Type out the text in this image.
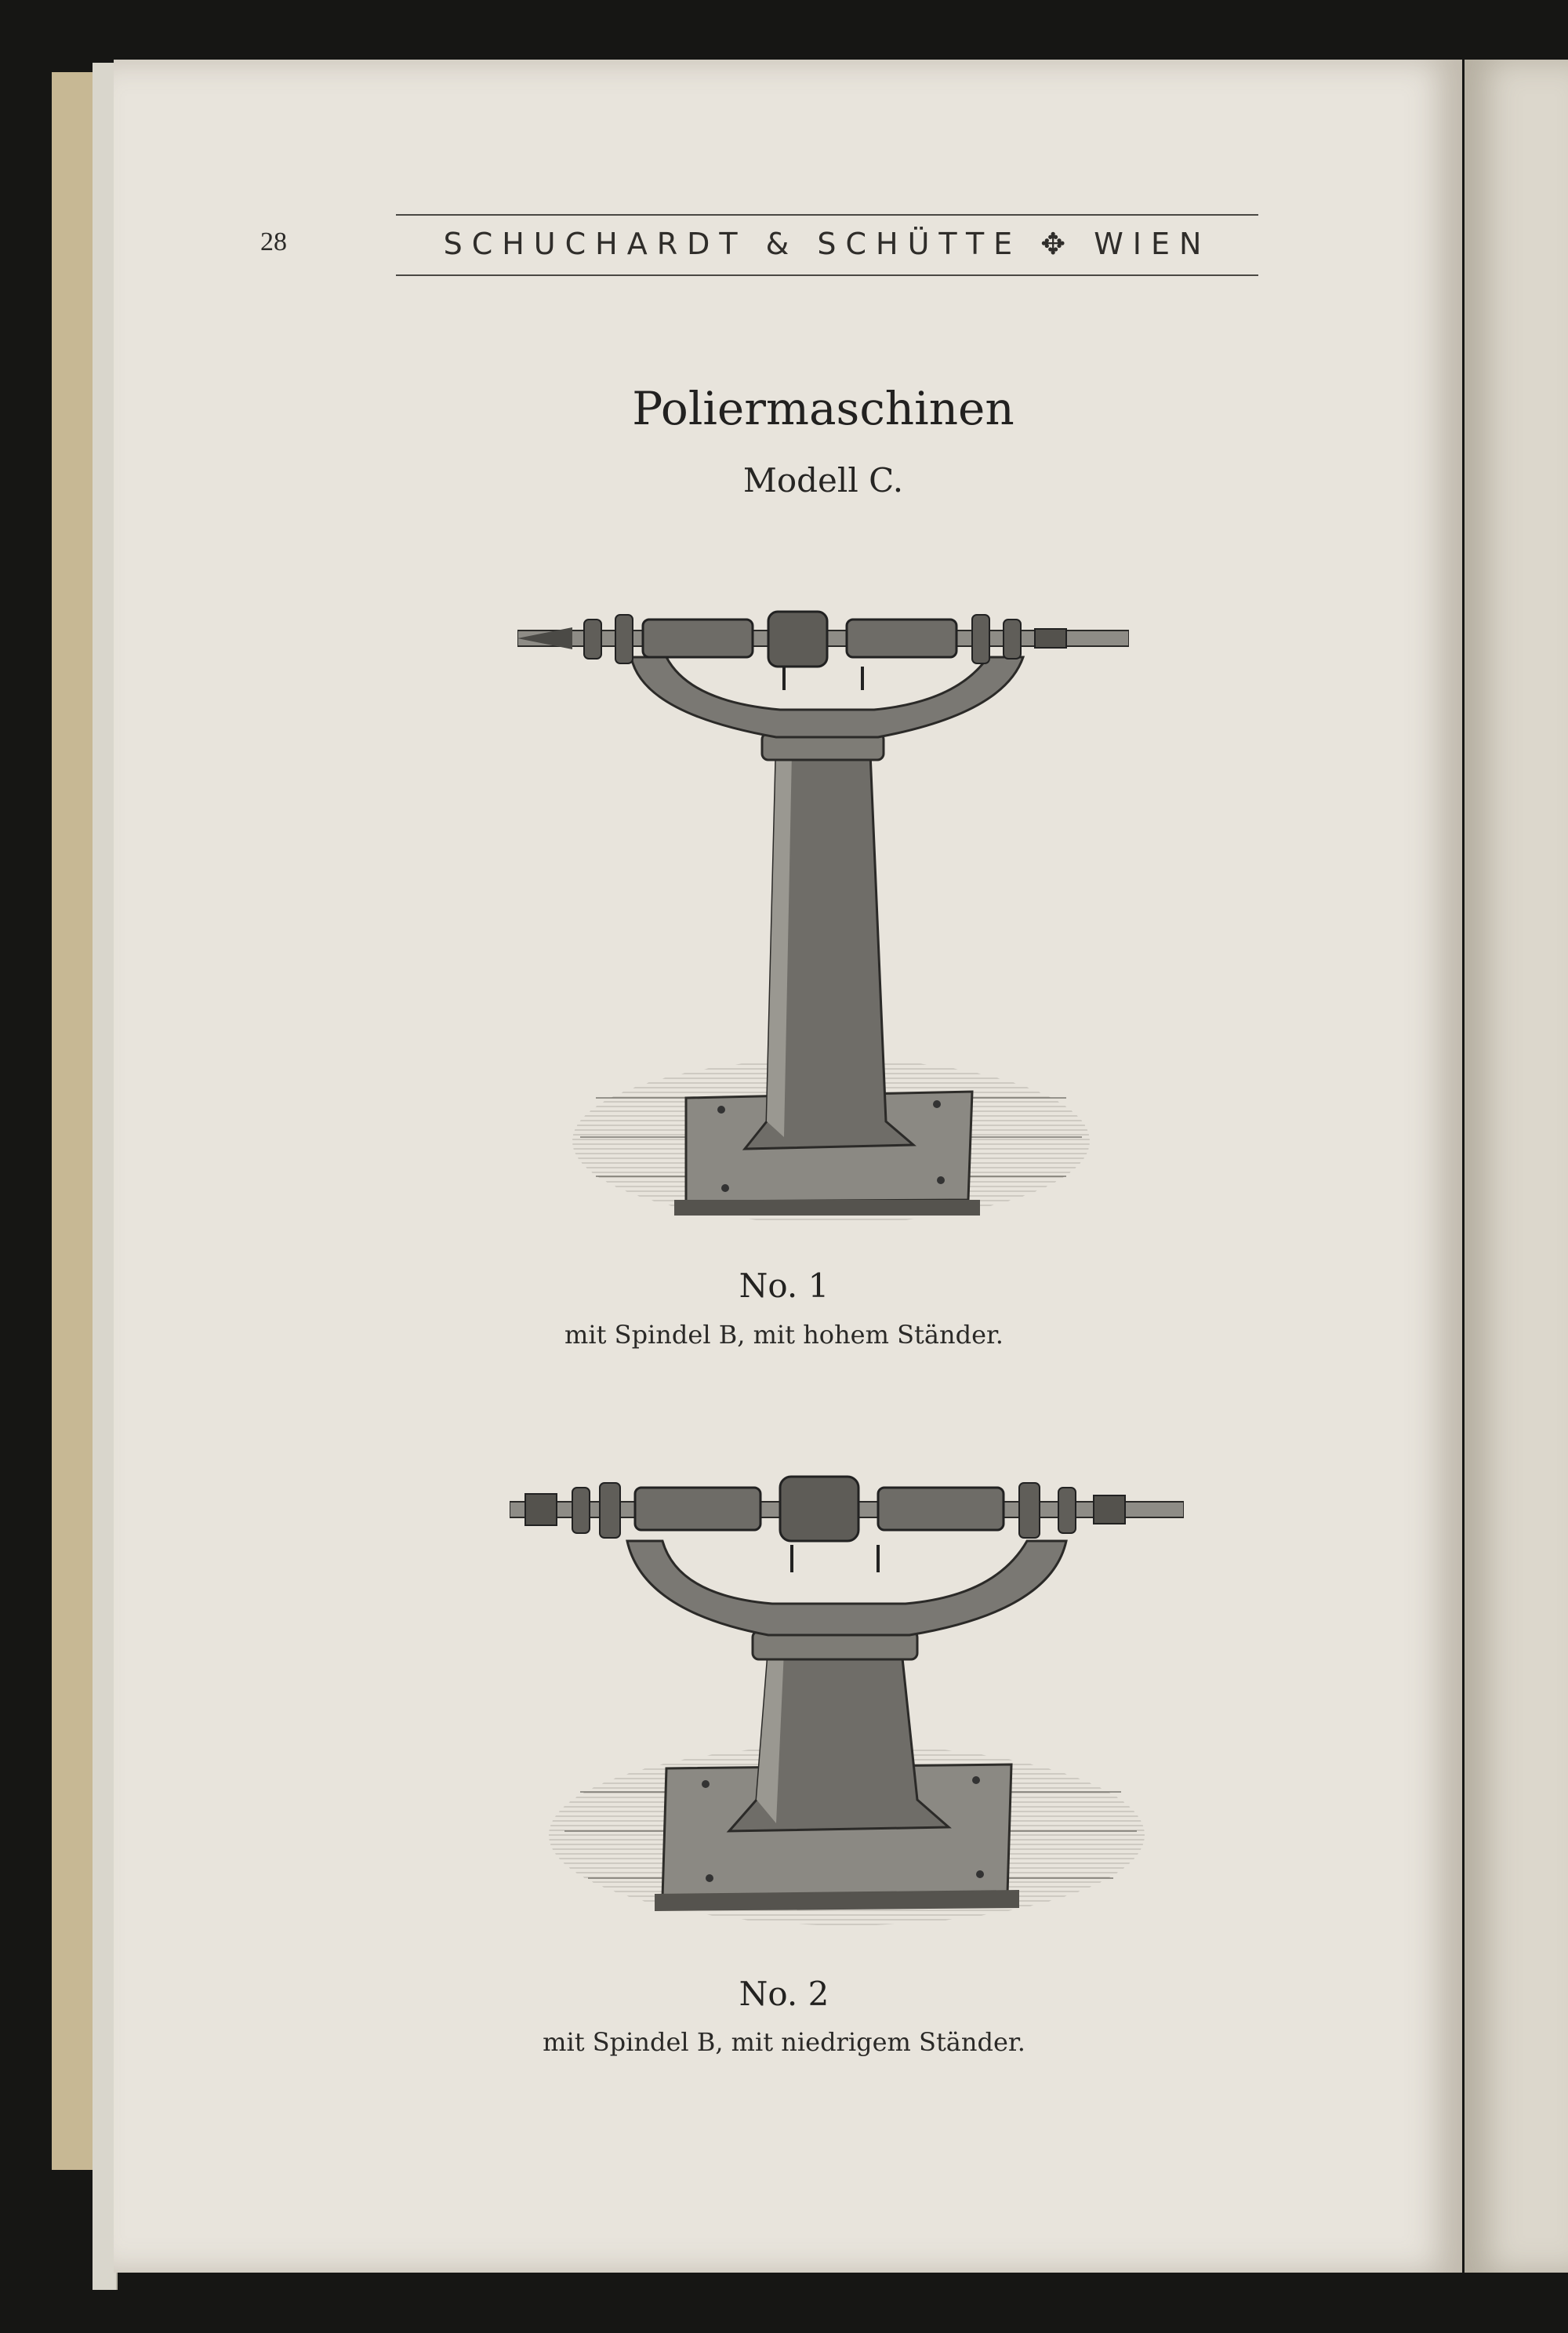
28	SCHUCHARDT & SCHÜTTE ✥ WIEN
Poliermaschinen
Modell C.
No. 1
mit Spindel B, mit hohem Ständer.
No. 2
mit Spindel B, mit niedrigem Ständer.
